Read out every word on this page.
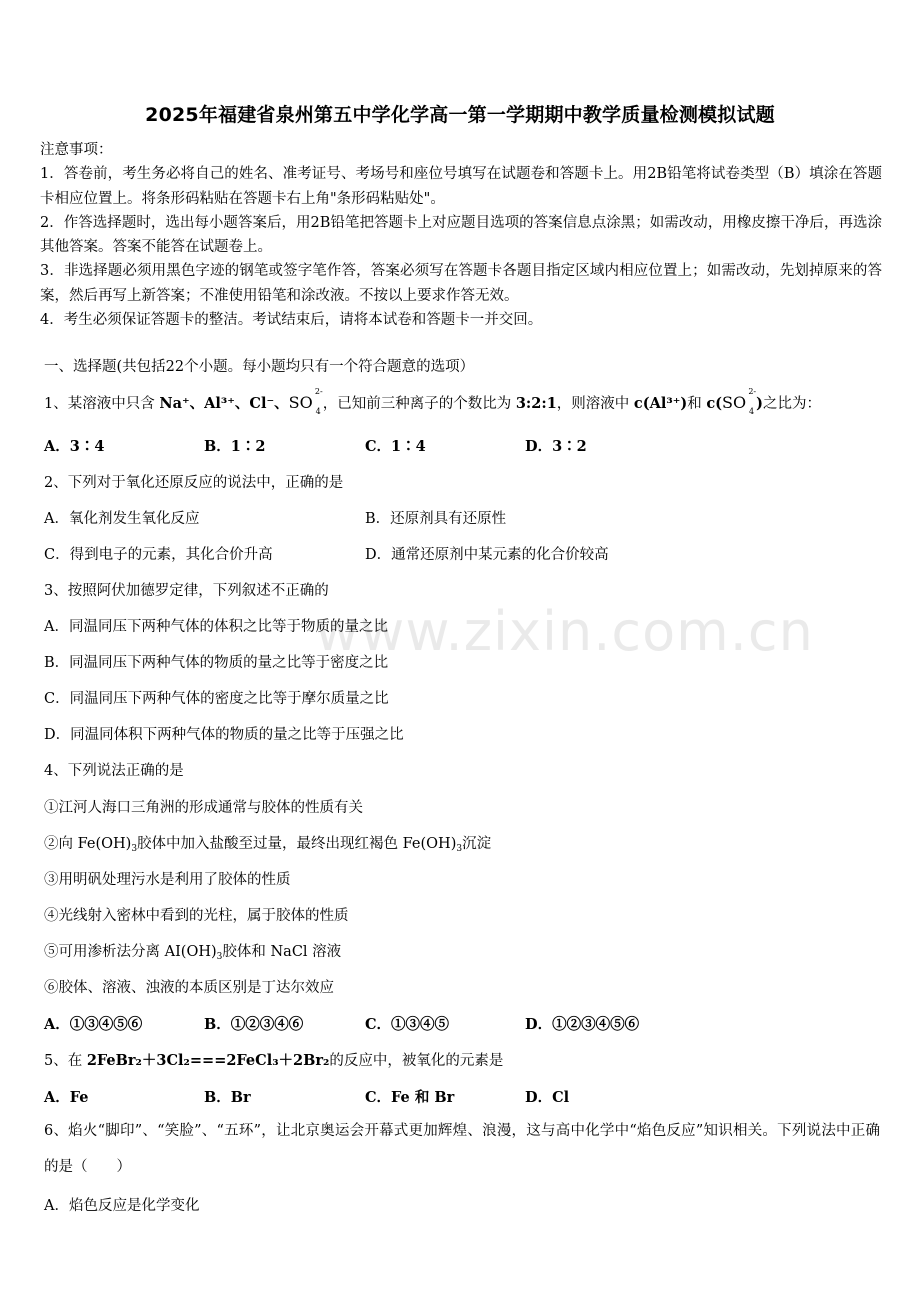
www.zixin.com.cn
2025年福建省泉州第五中学化学高一第一学期期中教学质量检测模拟试题
注意事项：
1．答卷前，考生务必将自己的姓名、准考证号、考场号和座位号填写在试题卷和答题卡上。用2B铅笔将试卷类型（B）填涂在答题卡相应位置上。将条形码粘贴在答题卡右上角"条形码粘贴处"。
2．作答选择题时，选出每小题答案后，用2B铅笔把答题卡上对应题目选项的答案信息点涂黑；如需改动，用橡皮擦干净后，再选涂其他答案。答案不能答在试题卷上。
3．非选择题必须用黑色字迹的钢笔或签字笔作答，答案必须写在答题卡各题目指定区域内相应位置上；如需改动，先划掉原来的答案，然后再写上新答案；不准使用铅笔和涂改液。不按以上要求作答无效。
4．考生必须保证答题卡的整洁。考试结束后，请将本试卷和答题卡一并交回。
一、选择题(共包括22个小题。每小题均只有一个符合题意的选项）
1、某溶液中只含 Na⁺、Al³⁺、Cl⁻、SO
2-
4 ，已知前三种离子的个数比为 3:2:1，则溶液中 c(Al³⁺)和 c(SO
2-
4 )之比为：
A．3∶4	B．1∶2	C．1∶4	D．3∶2
2、下列对于氧化还原反应的说法中，正确的是
A．氧化剂发生氧化反应	B．还原剂具有还原性
C．得到电子的元素，其化合价升高	D．通常还原剂中某元素的化合价较高
3、按照阿伏加德罗定律，下列叙述不正确的
A．同温同压下两种气体的体积之比等于物质的量之比
B．同温同压下两种气体的物质的量之比等于密度之比
C．同温同压下两种气体的密度之比等于摩尔质量之比
D．同温同体积下两种气体的物质的量之比等于压强之比
4、下列说法正确的是
①江河人海口三角洲的形成通常与胶体的性质有关
②向 $Fe(OH)_3$胶体中加入盐酸至过量，最终出现红褐色 $Fe(OH)_3$沉淀
③用明矾处理污水是利用了胶体的性质
④光线射入密林中看到的光柱，属于胶体的性质
⑤可用渗析法分离 $AI(OH)_3$胶体和 NaCl 溶液
⑥胶体、溶液、浊液的本质区别是丁达尔效应
A．①③④⑤⑥	B．①②③④⑥	C．①③④⑤	D．①②③④⑤⑥
5、在 2FeBr₂＋3Cl₂===2FeCl₃＋2Br₂的反应中，被氧化的元素是
A．Fe	B．Br	C．Fe 和 Br	D．Cl
6、焰火“脚印”、“笑脸”、“五环”，让北京奥运会开幕式更加辉煌、浪漫，这与高中化学中“焰色反应”知识相关。下列说法中正确的是（　　）
A．焰色反应是化学变化
